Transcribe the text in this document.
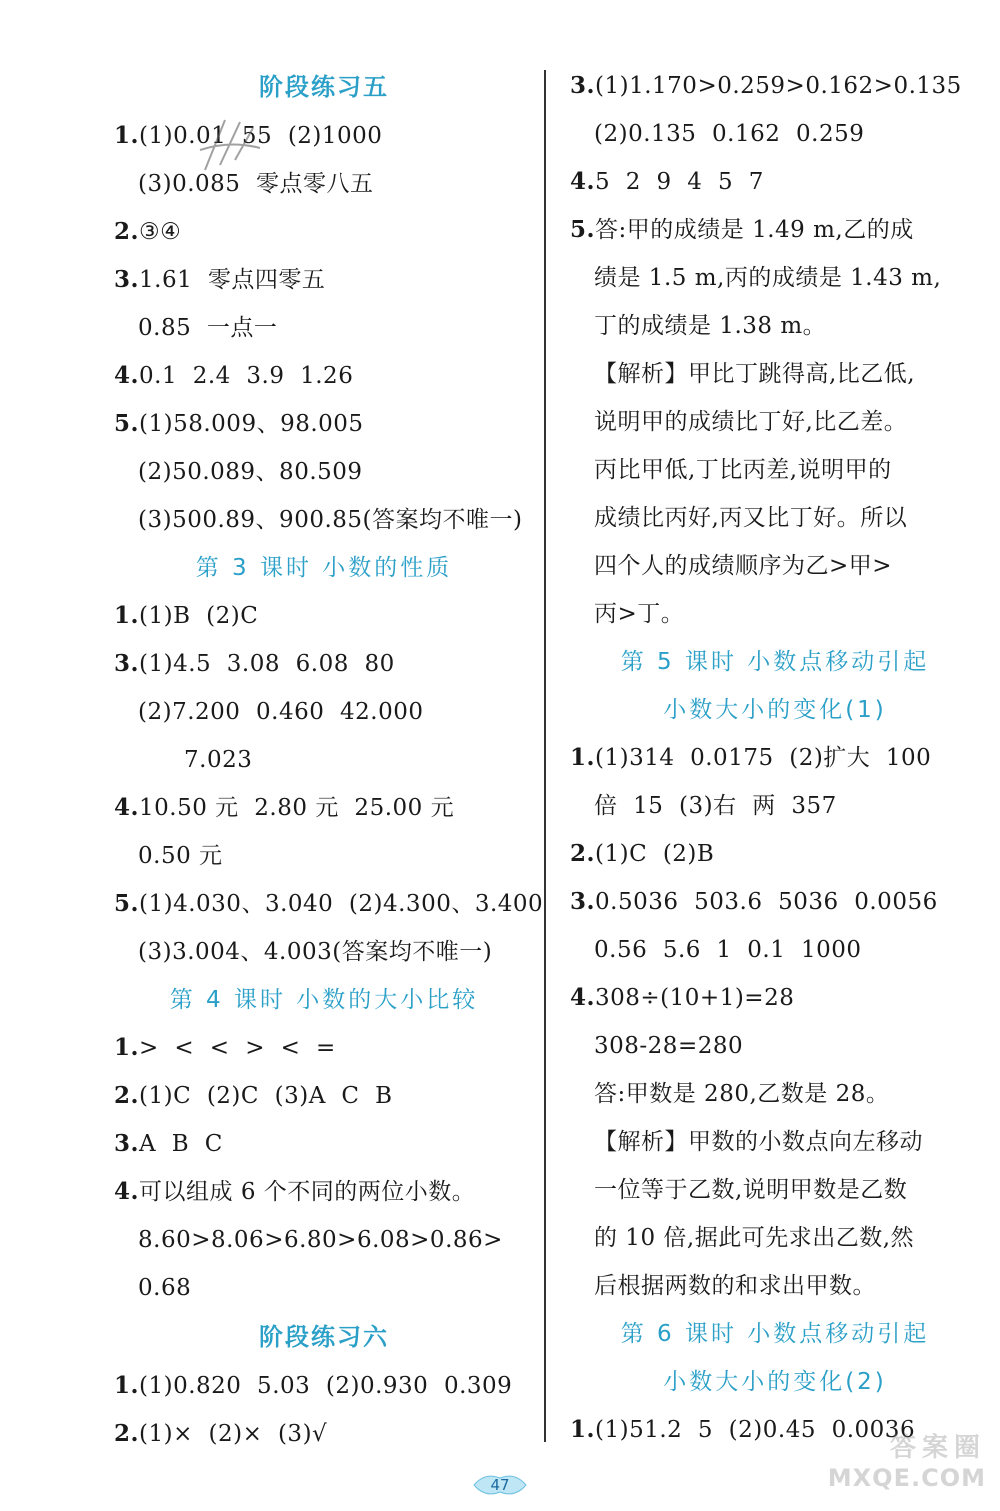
阶段练习五
1.(1)0.01  55  (2)1000
(3)0.085  零点零八五
2.③④
3.1.61  零点四零五
0.85  一点一
4.0.1  2.4  3.9  1.26
5.(1)58.009、98.005
(2)50.089、80.509
(3)500.89、900.85(答案均不唯一)
第 3 课时 小数的性质
1.(1)B  (2)C
3.(1)4.5  3.08  6.08  80
(2)7.200  0.460  42.000
7.023
4.10.50 元  2.80 元  25.00 元
0.50 元
5.(1)4.030、3.040  (2)4.300、3.400
(3)3.004、4.003(答案均不唯一)
第 4 课时 小数的大小比较
1.>  <  <  >  <  =
2.(1)C  (2)C  (3)A  C  B
3.A  B  C
4.可以组成 6 个不同的两位小数。
8.60>8.06>6.80>6.08>0.86>
0.68
阶段练习六
1.(1)0.820  5.03  (2)0.930  0.309
2.(1)×  (2)×  (3)√
3.(1)1.170>0.259>0.162>0.135
(2)0.135  0.162  0.259
4.5  2  9  4  5  7
5.答:甲的成绩是 1.49 m,乙的成
绩是 1.5 m,丙的成绩是 1.43 m,
丁的成绩是 1.38 m。
【解析】甲比丁跳得高,比乙低,
说明甲的成绩比丁好,比乙差。
丙比甲低,丁比丙差,说明甲的
成绩比丙好,丙又比丁好。所以
四个人的成绩顺序为乙>甲>
丙>丁。
第 5 课时 小数点移动引起
小数大小的变化(1)
1.(1)314  0.0175  (2)扩大  100
倍  15  (3)右  两  357
2.(1)C  (2)B
3.0.5036  503.6  5036  0.0056
0.56  5.6  1  0.1  1000
4.308÷(10+1)=28
308-28=280
答:甲数是 280,乙数是 28。
【解析】甲数的小数点向左移动
一位等于乙数,说明甲数是乙数
的 10 倍,据此可先求出乙数,然
后根据两数的和求出甲数。
第 6 课时 小数点移动引起
小数大小的变化(2)
1.(1)51.2  5  (2)0.45  0.0036
47
答案圈
MXQE.COM
